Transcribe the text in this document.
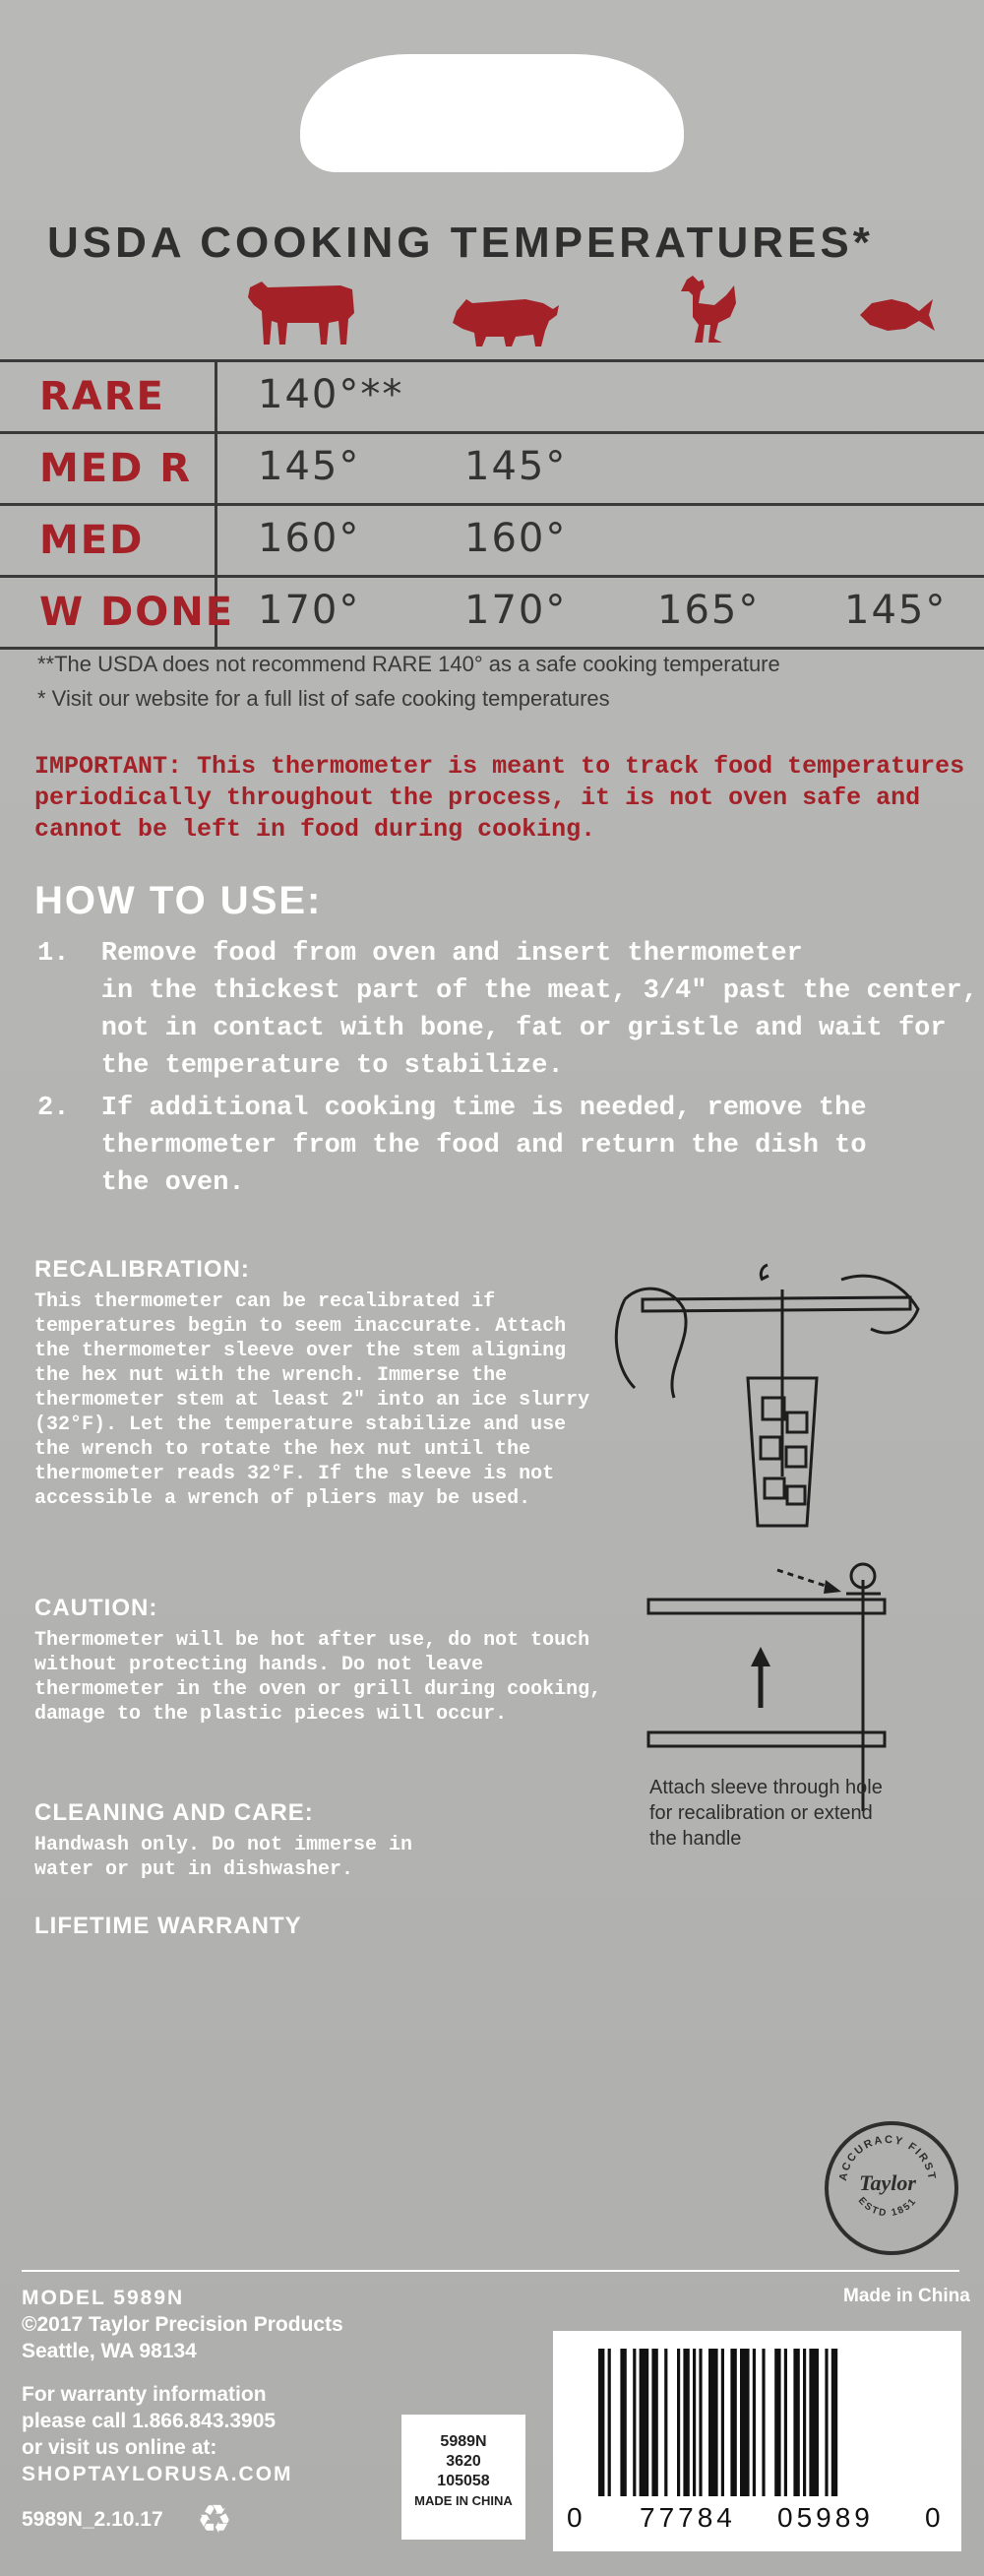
USDA COOKING TEMPERATURES*
RARE 140°**
MED R 145°	145°
MED	160°	160°
W DONE 170°	170° 165° 145°
**The USDA does not recommend RARE 140° as a safe cooking temperature
* Visit our website for a full list of safe cooking temperatures
IMPORTANT: This thermometer is meant to track food temperatures periodically throughout the process, it is not oven safe and cannot be left in food during cooking.
HOW TO USE:
1.  Remove food from oven and insert thermometer
in the thickest part of the meat, 3/4" past the center,
not in contact with bone, fat or gristle and wait for
the temperature to stabilize.
2.  If additional cooking time is needed, remove the
thermometer from the food and return the dish to
the oven.
RECALIBRATION:
This thermometer can be recalibrated if temperatures begin to seem inaccurate. Attach the thermometer sleeve over the stem aligning the hex nut with the wrench. Immerse the thermometer stem at least 2" into an ice slurry (32°F). Let the temperature stabilize and use the wrench to rotate the hex nut until the thermometer reads 32°F. If the sleeve is not accessible a wrench of pliers may be used.
CAUTION:
Thermometer will be hot after use, do not touch without protecting hands. Do not leave thermometer in the oven or grill during cooking, damage to the plastic pieces will occur.
CLEANING AND CARE:
Handwash only. Do not immerse in water or put in dishwasher.
LIFETIME WARRANTY
Attach sleeve through hole for recalibration or extend the handle
ACCURACY FIRST
Taylor
ESTD 1851
MODEL 5989N
©2017 Taylor Precision Products
Seattle, WA 98134
For warranty information
please call 1.866.843.3905
or visit us online at:
SHOPTAYLORUSA.COM
5989N_2.10.17 ♻
Made in China
5989N
3620
105058
MADE IN CHINA
0 77784 05989 0
